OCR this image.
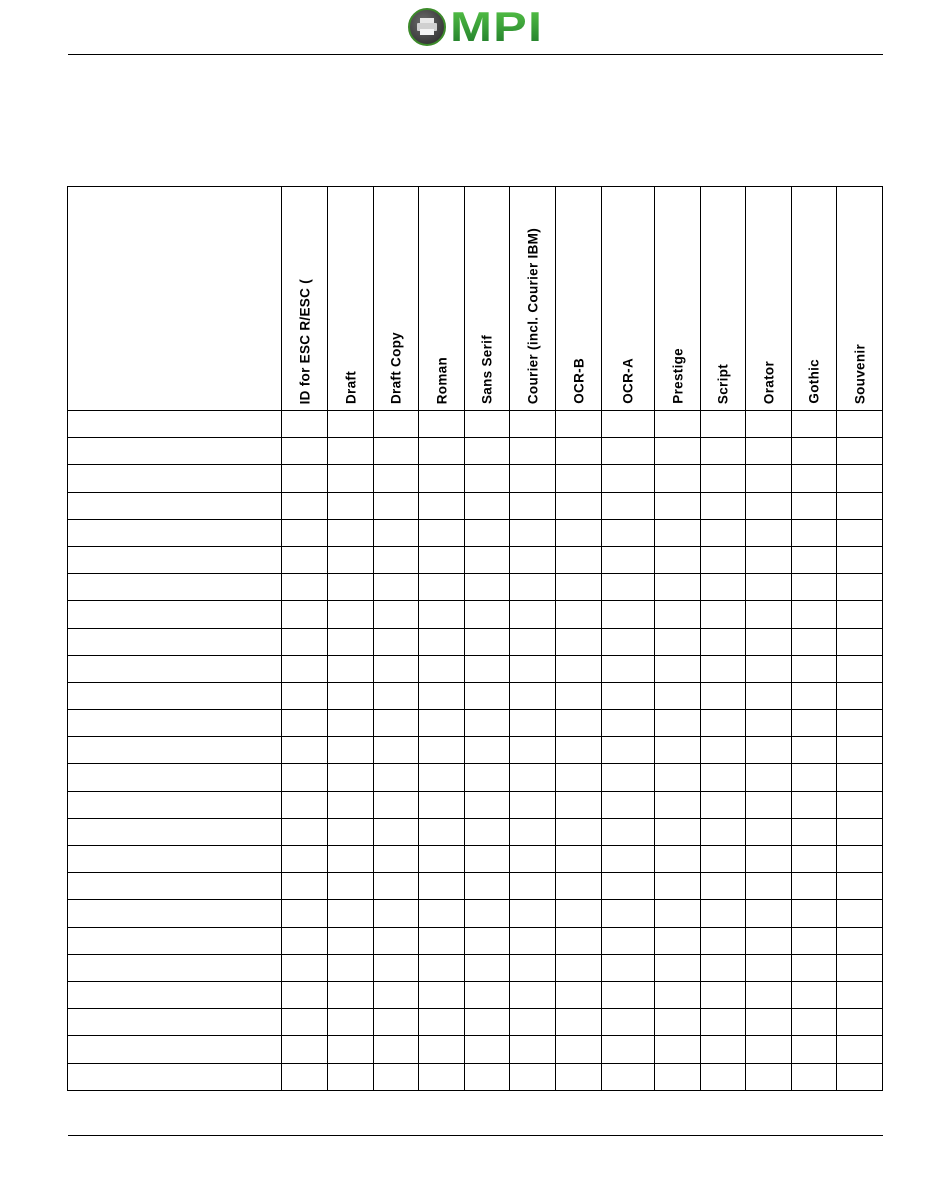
MPI

	ID for ESC R/ESC (	Draft	Draft Copy	Roman	Sans Serif	Courier (incl. Courier IBM)	OCR-B	OCR-A	Prestige	Script	Orator	Gothic	Souvenir
